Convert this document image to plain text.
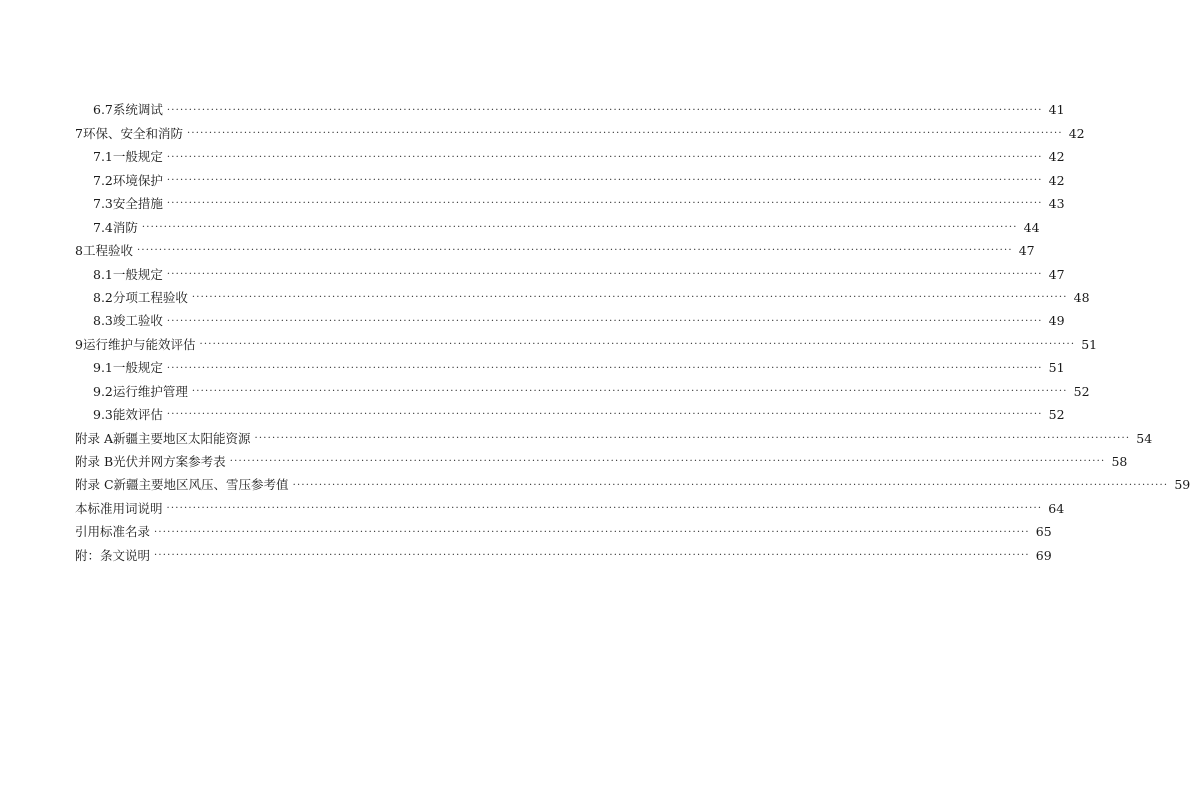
6.7 系统调试 ········································································································································································································ 41
7 环保、安全和消防 ········································································································································································································ 42
7.1 一般规定 ········································································································································································································ 42
7.2 环境保护 ········································································································································································································ 42
7.3 安全措施 ········································································································································································································ 43
7.4 消防 ········································································································································································································ 44
8 工程验收 ········································································································································································································ 47
8.1 一般规定 ········································································································································································································ 47
8.2 分项工程验收 ········································································································································································································ 48
8.3 竣工验收 ········································································································································································································ 49
9 运行维护与能效评估 ········································································································································································································ 51
9.1 一般规定 ········································································································································································································ 51
9.2 运行维护管理 ········································································································································································································ 52
9.3 能效评估 ········································································································································································································ 52
附录 A 新疆主要地区太阳能资源 ········································································································································································································ 54
附录 B 光伏并网方案参考表 ········································································································································································································ 58
附录 C 新疆主要地区风压、雪压参考值 ········································································································································································································ 59
本标准用词说明 ········································································································································································································ 64
引用标准名录 ········································································································································································································ 65
附：条文说明 ········································································································································································································ 69
